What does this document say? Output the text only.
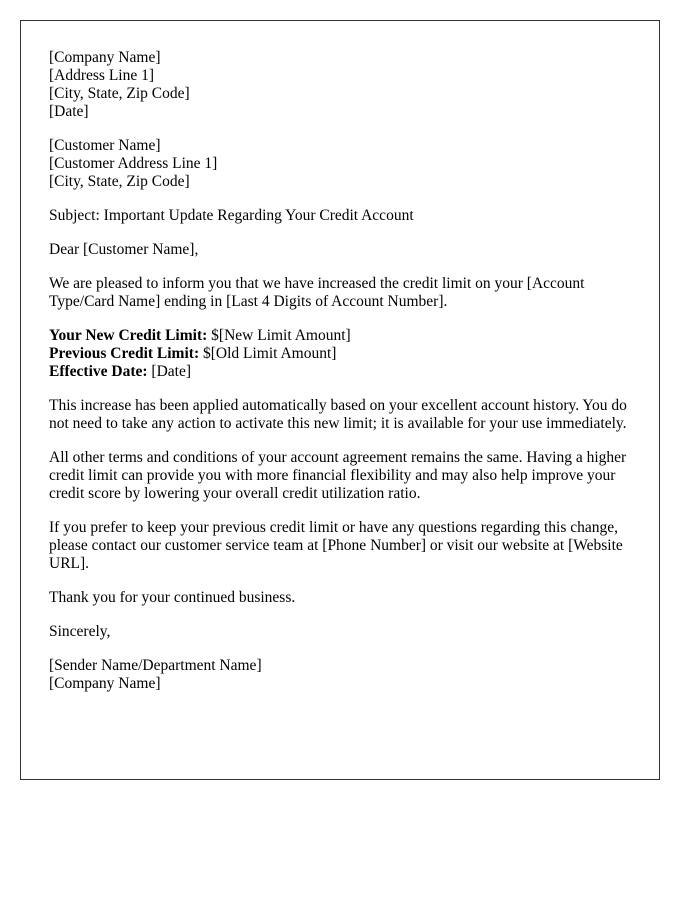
[Company Name]
[Address Line 1]
[City, State, Zip Code]
[Date]
[Customer Name]
[Customer Address Line 1]
[City, State, Zip Code]

Subject: Important Update Regarding Your Credit Account

Dear [Customer Name],

We are pleased to inform you that we have increased the credit limit on your [Account Type/Card Name] ending in [Last 4 Digits of Account Number].

Your New Credit Limit: $[New Limit Amount]
Previous Credit Limit: $[Old Limit Amount]
Effective Date: [Date]

This increase has been applied automatically based on your excellent account history. You do not need to take any action to activate this new limit; it is available for your use immediately.

All other terms and conditions of your account agreement remains the same. Having a higher credit limit can provide you with more financial flexibility and may also help improve your credit score by lowering your overall credit utilization ratio.

If you prefer to keep your previous credit limit or have any questions regarding this change, please contact our customer service team at [Phone Number] or visit our website at [Website URL].

Thank you for your continued business.

Sincerely,

[Sender Name/Department Name]
[Company Name]
